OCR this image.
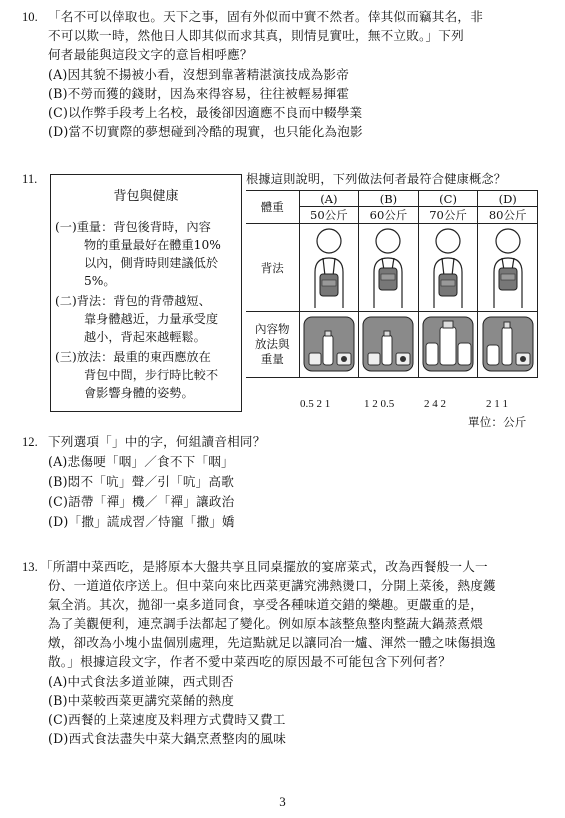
10. 「名不可以倖取也。天下之事，固有外似而中實不然者。倖其似而竊其名，非
不可以欺一時，然他日人即其似而求其真，則情見實吐，無不立敗。」下列
何者最能與這段文字的意旨相呼應？
(A)因其貌不揚被小看，沒想到靠著精湛演技成為影帝
(B)不勞而獲的錢財，因為來得容易，往往被輕易揮霍
(C)以作弊手段考上名校，最後卻因適應不良而中輟學業
(D)當不切實際的夢想碰到冷酷的現實，也只能化為泡影
11.
背包與健康
(一)重量：背包後背時，內容
物的重量最好在體重10%
以內，側背時則建議低於
5%。
(二)背法：背包的背帶越短、
靠身體越近，力量承受度
越小，背起來越輕鬆。
(三)放法：最重的東西應放在
背包中間，步行時比較不
會影響身體的姿勢。
根據這則說明，下列做法何者最符合健康概念？
體重	(A)	(B)	(C)	(D)
	50公斤	60公斤	70公斤	80公斤
背法				

內容物
放法與
重量

0.5 2 1	1 2 0.5	2 4 2	2 1 1
單位：公斤
12. 下列選項「」中的字，何組讀音相同？
(A)悲傷哽「咽」／食不下「咽」
(B)悶不「吭」聲／引「吭」高歌
(C)語帶「禪」機／「禪」讓政治
(D)「撒」謊成習／恃寵「撒」嬌
13. 「所謂中菜西吃，是將原本大盤共享且同桌擺放的宴席菜式，改為西餐般一人一
份、一道道依序送上。但中菜向來比西菜更講究沸熱燙口，分開上菜後，熱度鑊
氣全消。其次，拋卻一桌多道同食，享受各種味道交錯的樂趣。更嚴重的是，
為了美觀便利，連烹調手法都起了變化。例如原本該整魚整肉整蔬大鍋蒸煮煨
燉，卻改為小塊小盅個別處理，先這點就足以讓同冶一爐、渾然一體之味傷損逸
散。」根據這段文字，作者不愛中菜西吃的原因最不可能包含下列何者？
(A)中式食法多道並陳，西式則否
(B)中菜較西菜更講究菜餚的熱度
(C)西餐的上菜速度及料理方式費時又費工
(D)西式食法盡失中菜大鍋烹煮整肉的風味
3
